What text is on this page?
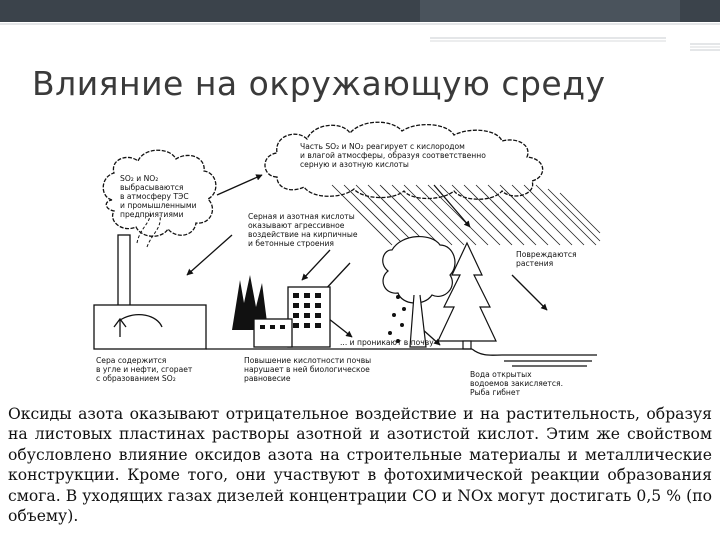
Влияние на окружающую среду
SO₂ и NO₂ выбрасываются в атмосферу ТЭС и промышленными предприятиями
Часть SO₂ и NO₂ реагирует с кислородом и влагой атмосферы, образуя соответственно серную и азотную кислоты
Серная и азотная кислоты оказывают агрессивное воздействие на кирпичные и бетонные строения
Повреждаются растения
... и проникают в почву
Сера содержится в угле и нефти, сгорает с образованием SO₂
Повышение кислотности почвы нарушает в ней биологическое равновесие	Вода открытых водоемов закисляется. Рыба гибнет
Оксиды азота оказывают отрицательное воздействие и на растительность, образуя на листовых пластинах растворы азотной и азотистой кислот. Этим же свойством обусловлено влияние оксидов азота на строительные материалы и металлические конструкции. Кроме того, они участвуют в фотохимической реакции образования смога. В уходящих газах дизелей концентрации СО и NOx могут достигать 0,5 % (по объему).
